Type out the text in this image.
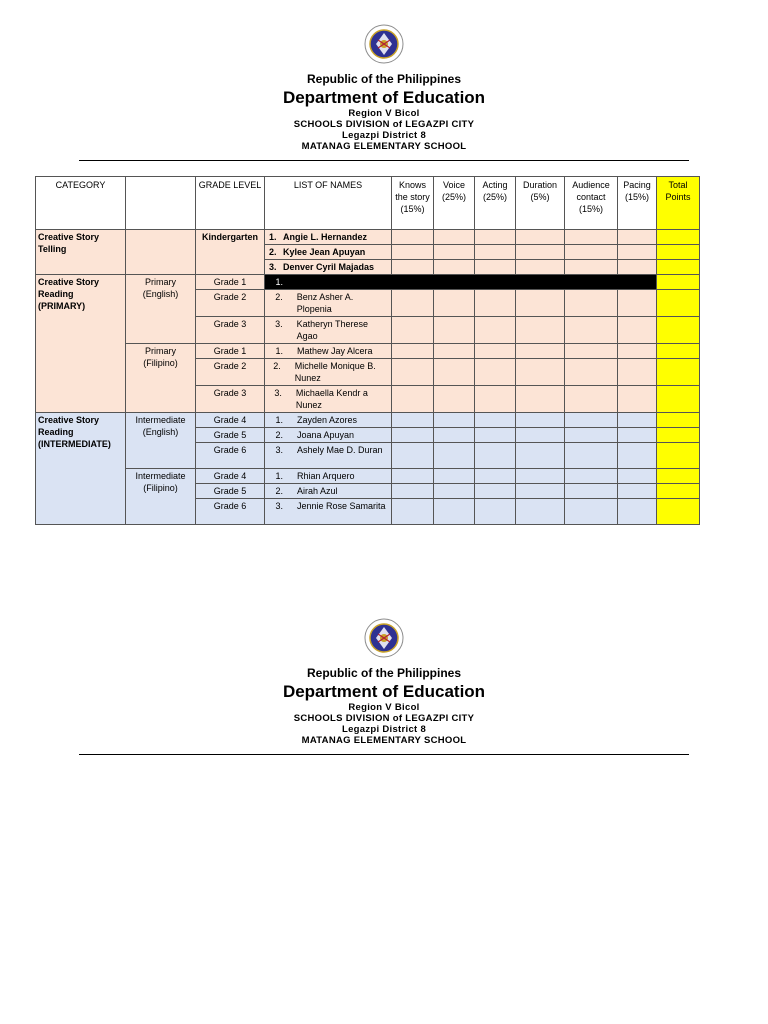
Republic of the Philippines
Department of Education
Region V Bicol
SCHOOLS DIVISION of LEGAZPI CITY
Legazpi District 8
MATANAG ELEMENTARY SCHOOL
CATEGORY		GRADE LEVEL	LIST OF NAMES	Knows the story (15%)	Voice (25%)	Acting (25%)	Duration (5%)	Audience contact (15%)	Pacing (15%)	Total Points
Creative Story Telling		Kindergarten	1. Angie L. Hernandez							
			2. Kylee Jean Apuyan							
			3. Denver Cyril Majadas							
Creative Story Reading (PRIMARY)	Primary (English)	Grade 1	1.							
		Grade 2	2. Benz Asher A. Plopenia							

		Grade 3	3. Katheryn Therese Agao							

	Primary (Filipino)	Grade 1	1. Mathew Jay Alcera							

		Grade 2	2. Michelle Monique B. Nunez							

		Grade 3	3. Michaella Kendr a Nunez							

Creative Story Reading (INTERMEDIATE)	Intermediate (English)	Grade 4	1. Zayden Azores							

		Grade 5	2. Joana Apuyan							

		Grade 6	3. Ashely Mae D. Duran							

	Intermediate (Filipino)	Grade 4	1. Rhian Arquero							

		Grade 5	2. Airah Azul							

		Grade 6	3. Jennie Rose Samarita							

Republic of the Philippines
Department of Education
Region V Bicol
SCHOOLS DIVISION of LEGAZPI CITY
Legazpi District 8
MATANAG ELEMENTARY SCHOOL
